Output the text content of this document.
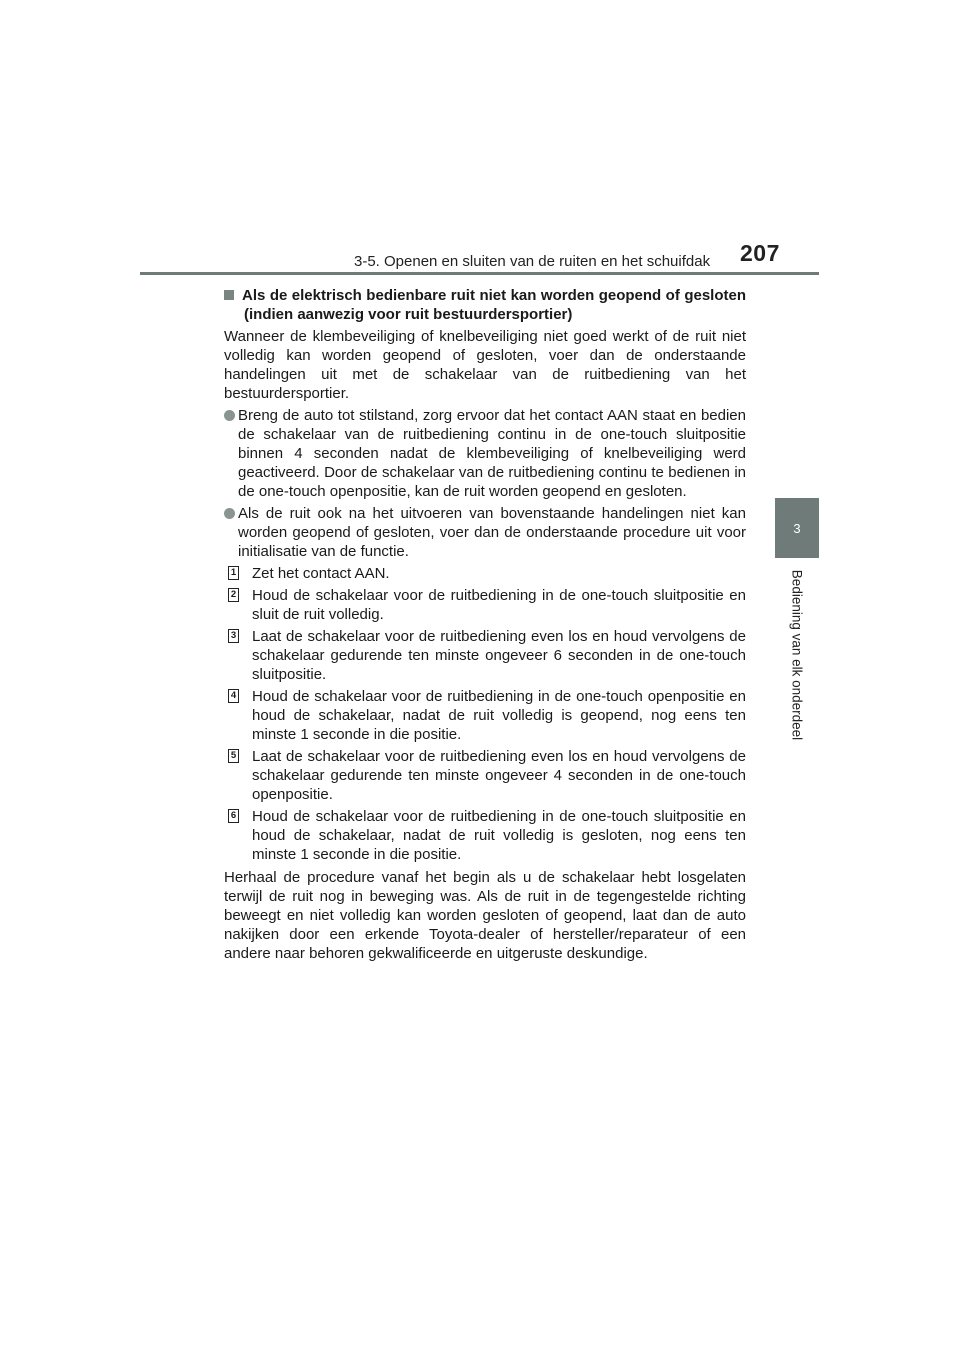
3-5. Openen en sluiten van de ruiten en het schuifdak 207
3
Bediening van elk onderdeel
Als de elektrisch bedienbare ruit niet kan worden geopend of gesloten (indien aanwezig voor ruit bestuurdersportier)

Wanneer de klembeveiliging of knelbeveiliging niet goed werkt of de ruit niet volledig kan worden geopend of gesloten, voer dan de onderstaande handelingen uit met de schakelaar van de ruitbediening van het bestuurdersportier.

Breng de auto tot stilstand, zorg ervoor dat het contact AAN staat en bedien de schakelaar van de ruitbediening continu in de one-touch sluitpositie binnen 4 seconden nadat de klembeveiliging of knelbeveiliging werd geactiveerd. Door de schakelaar van de ruitbediening continu te bedienen in de one-touch openpositie, kan de ruit worden geopend en gesloten.
Als de ruit ook na het uitvoeren van bovenstaande handelingen niet kan worden geopend of gesloten, voer dan de onderstaande procedure uit voor initialisatie van de functie.
1 Zet het contact AAN.
2 Houd de schakelaar voor de ruitbediening in de one-touch sluitpositie en sluit de ruit volledig.
3 Laat de schakelaar voor de ruitbediening even los en houd vervolgens de schakelaar gedurende ten minste ongeveer 6 seconden in de one-touch sluitpositie.
4 Houd de schakelaar voor de ruitbediening in de one-touch openpositie en houd de schakelaar, nadat de ruit volledig is geopend, nog eens ten minste 1 seconde in die positie.
5 Laat de schakelaar voor de ruitbediening even los en houd vervolgens de schakelaar gedurende ten minste ongeveer 4 seconden in de one-touch openpositie.
6 Houd de schakelaar voor de ruitbediening in de one-touch sluitpositie en houd de schakelaar, nadat de ruit volledig is gesloten, nog eens ten minste 1 seconde in die positie.

Herhaal de procedure vanaf het begin als u de schakelaar hebt losgelaten terwijl de ruit nog in beweging was. Als de ruit in de tegengestelde richting beweegt en niet volledig kan worden gesloten of geopend, laat dan de auto nakijken door een erkende Toyota-dealer of hersteller/reparateur of een andere naar behoren gekwalificeerde en uitgeruste deskundige.
